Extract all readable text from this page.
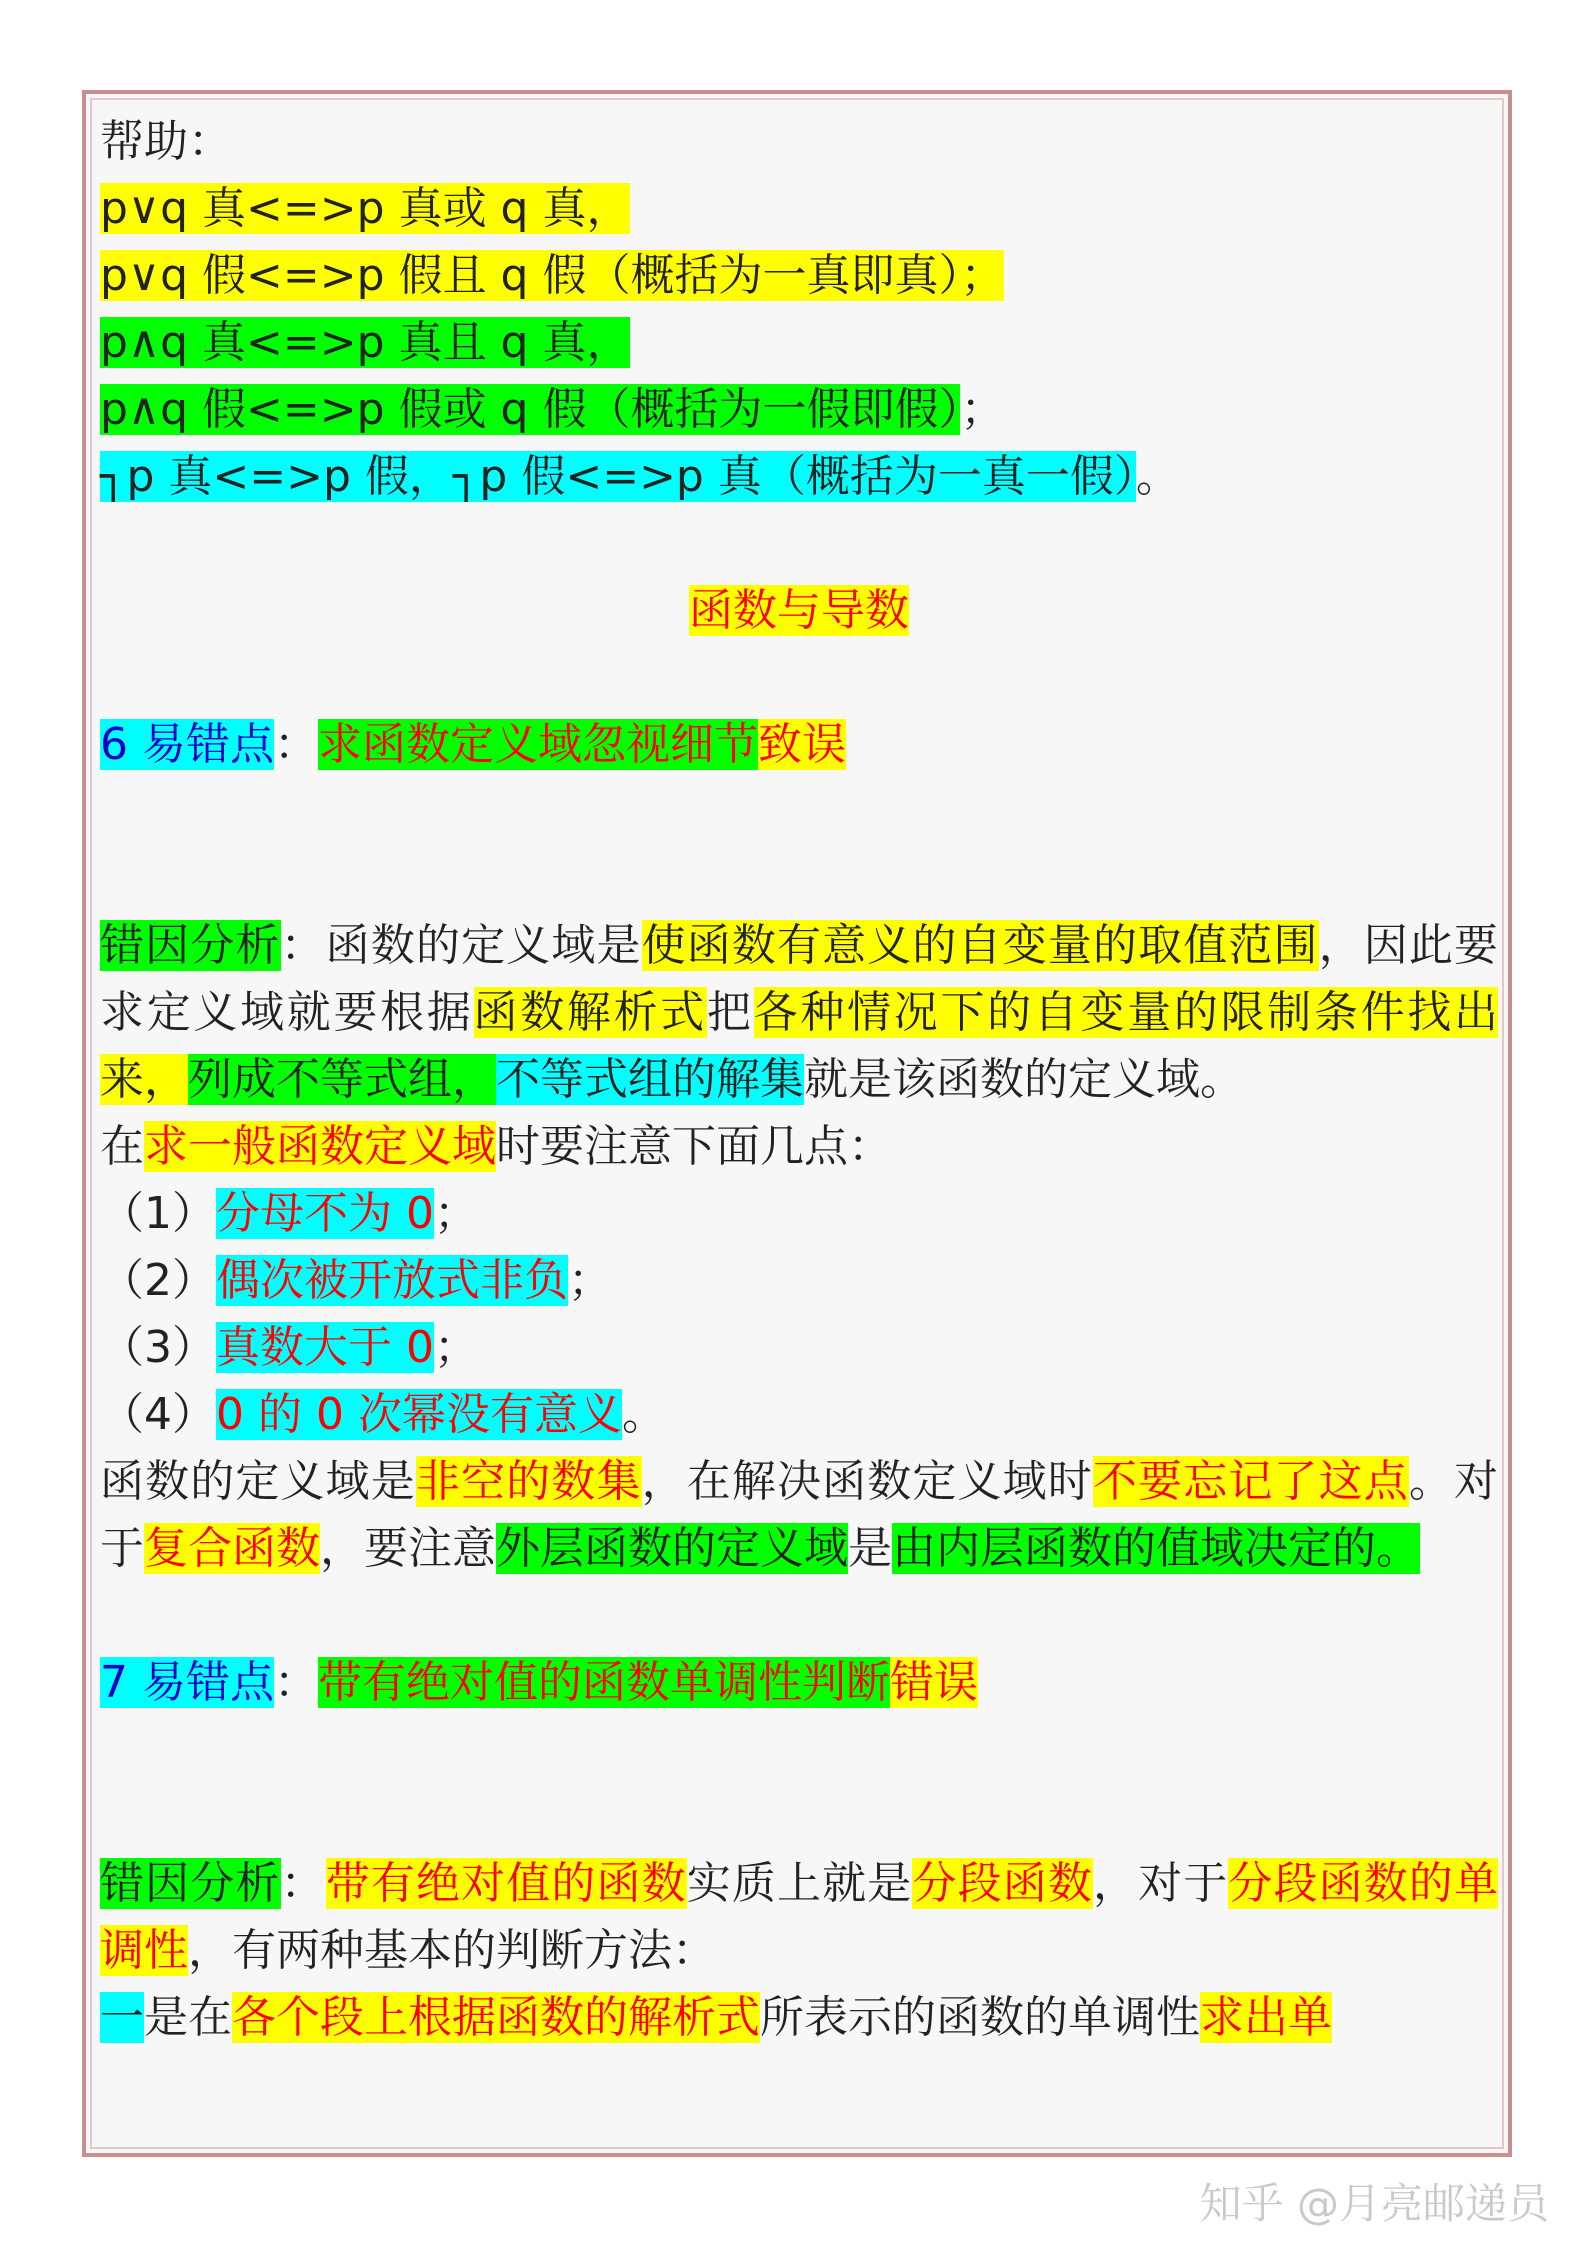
帮助：
p∨q 真<=>p 真或 q 真，
p∨q 假<=>p 假且 q 假（概括为一真即真）；
p∧q 真<=>p 真且 q 真，
p∧q 假<=>p 假或 q 假（概括为一假即假）；
┐p 真<=>p 假，┐p 假<=>p 真（概括为一真一假）。
函数与导数
6 易错点：求函数定义域忽视细节致误
错因分析：函数的定义域是使函数有意义的自变量的取值范围，因此要求定义域就要根据函数解析式把各种情况下的自变量的限制条件找出来，列成不等式组，不等式组的解集就是该函数的定义域。
在求一般函数定义域时要注意下面几点：
（1）分母不为 0；
（2）偶次被开放式非负；
（3）真数大于 0；
（4）0 的 0 次幂没有意义。
函数的定义域是非空的数集，在解决函数定义域时不要忘记了这点。对于复合函数，要注意外层函数的定义域是由内层函数的值域决定的。
7 易错点：带有绝对值的函数单调性判断错误
错因分析：带有绝对值的函数实质上就是分段函数，对于分段函数的单调性，有两种基本的判断方法：
一是在各个段上根据函数的解析式所表示的函数的单调性求出单
知乎 @月亮邮递员
